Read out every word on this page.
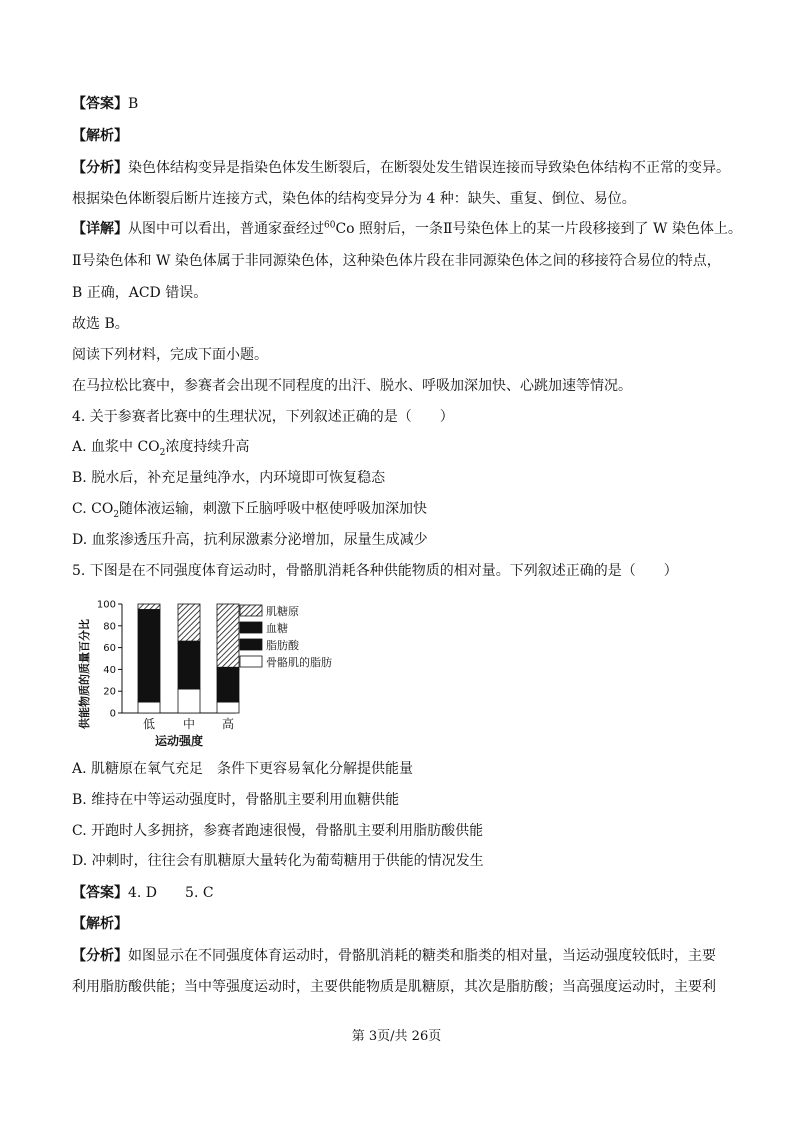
【答案】B
【解析】
【分析】染色体结构变异是指染色体发生断裂后，在断裂处发生错误连接而导致染色体结构不正常的变异。
根据染色体断裂后断片连接方式，染色体的结构变异分为 4 种：缺失、重复、倒位、易位。
【详解】从图中可以看出，普通家蚕经过$^{60}$Co 照射后，一条Ⅱ号染色体上的某一片段移接到了 W 染色体上。
Ⅱ号染色体和 W 染色体属于非同源染色体，这种染色体片段在非同源染色体之间的移接符合易位的特点，
B 正确，ACD 错误。
故选 B。
阅读下列材料，完成下面小题。
在马拉松比赛中，参赛者会出现不同程度的出汗、脱水、呼吸加深加快、心跳加速等情况。
4. 关于参赛者比赛中的生理状况，下列叙述正确的是（　　）
A. 血浆中 $CO_2$浓度持续升高
B. 脱水后，补充足量纯净水，内环境即可恢复稳态
C. $CO_2$随体液运输，刺激下丘脑呼吸中枢使呼吸加深加快
D. 血浆渗透压升高，抗利尿激素分泌增加，尿量生成减少
5. 下图是在不同强度体育运动时，骨骼肌消耗各种供能物质的相对量。下列叙述正确的是（　　）
供能物质的质量百分比 0
20
40
60
80
100
低 中 高
运动强度
肌糖原
血糖
脂肪酸
骨骼肌的脂肪
A. 肌糖原在氧气充足　条件下更容易氧化分解提供能量
B. 维持在中等运动强度时，骨骼肌主要利用血糖供能
C. 开跑时人多拥挤，参赛者跑速很慢，骨骼肌主要利用脂肪酸供能
D. 冲刺时，往往会有肌糖原大量转化为葡萄糖用于供能的情况发生
【答案】4. D　　5. C
【解析】
【分析】如图显示在不同强度体育运动时，骨骼肌消耗的糖类和脂类的相对量，当运动强度较低时，主要
利用脂肪酸供能；当中等强度运动时，主要供能物质是肌糖原，其次是脂肪酸；当高强度运动时，主要利
第 3页/共 26页
